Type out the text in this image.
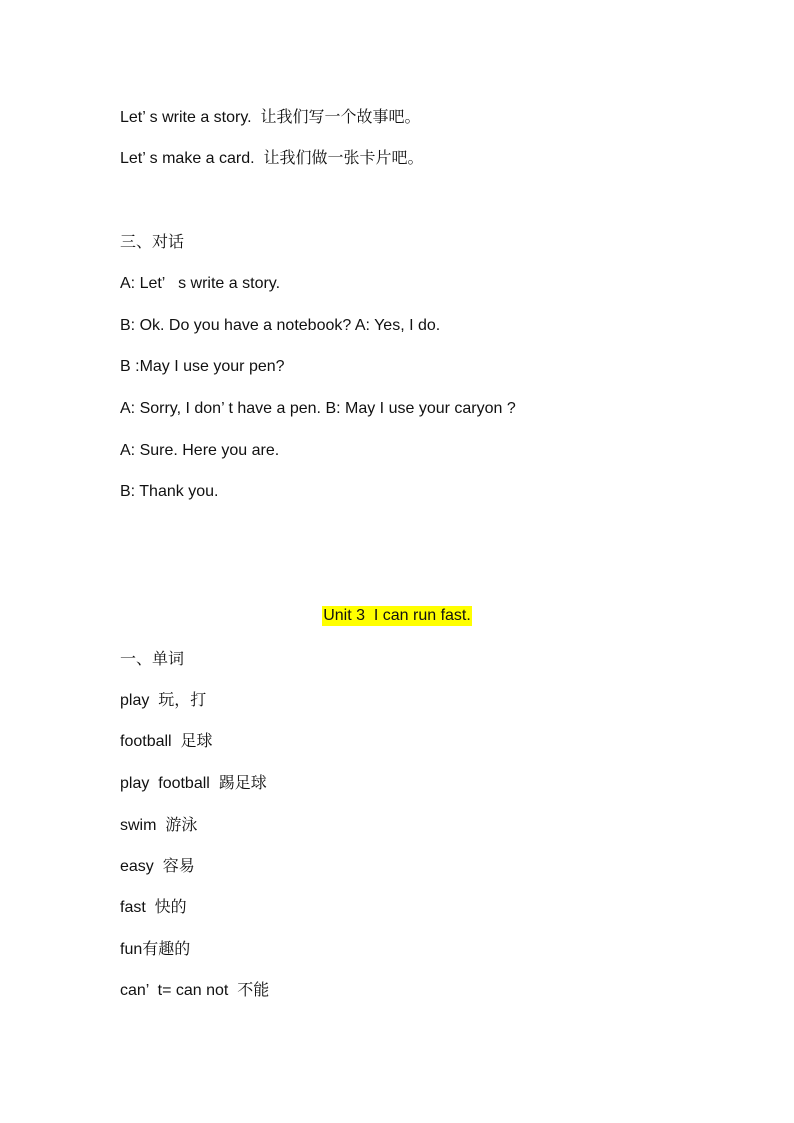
Let’ s write a story.  让我们写一个故事吧。
Let’ s make a card.  让我们做一张卡片吧。
三、对话
A: Let’   s write a story.
B: Ok. Do you have a notebook? A: Yes, I do.
B :May I use your pen?
A: Sorry, I don’ t have a pen. B: May I use your caryon ?
A: Sure. Here you are.
B: Thank you.
Unit 3  I can run fast.
一、单词
play  玩，打
football  足球
play  football  踢足球
swim  游泳
easy  容易
fast  快的
fun有趣的
can’  t= can not  不能
